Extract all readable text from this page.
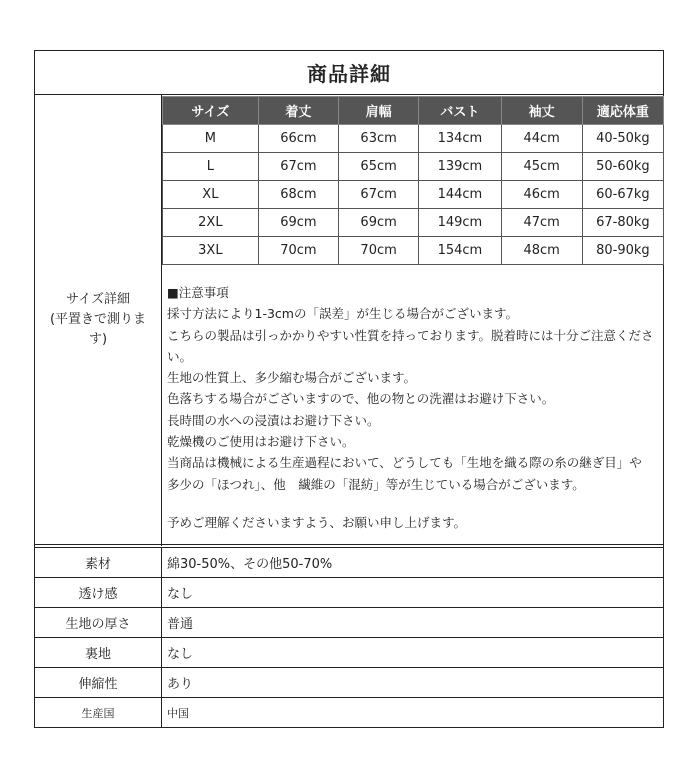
商品詳細
サイズ詳細
(平置きで測りま
す)
サイズ	着丈	肩幅	バスト	袖丈	適応体重
M	66cm	63cm	134cm	44cm	40-50kg
L	67cm	65cm	139cm	45cm	50-60kg
XL	68cm	67cm	144cm	46cm	60-67kg
2XL	69cm	69cm	149cm	47cm	67-80kg
3XL	70cm	70cm	154cm	48cm	80-90kg

■注意事項

採寸方法により1-3cmの「誤差」が生じる場合がございます。

こちらの製品は引っかかりやすい性質を持っております。脱着時には十分ご注意くださ

い。

生地の性質上、多少縮む場合がございます。

色落ちする場合がございますので、他の物との洗濯はお避け下さい。

長時間の水への浸漬はお避け下さい。

乾燥機のご使用はお避け下さい。

当商品は機械による生産過程において、どうしても「生地を織る際の糸の継ぎ目」や

多少の「ほつれ」、他　繊維の「混紡」等が生じている場合がございます。

予めご理解くださいますよう、お願い申し上げます。

素材	綿30-50%、その他50-70%
透け感	なし
生地の厚さ	普通
裏地	なし
伸縮性	あり
生産国	中国
